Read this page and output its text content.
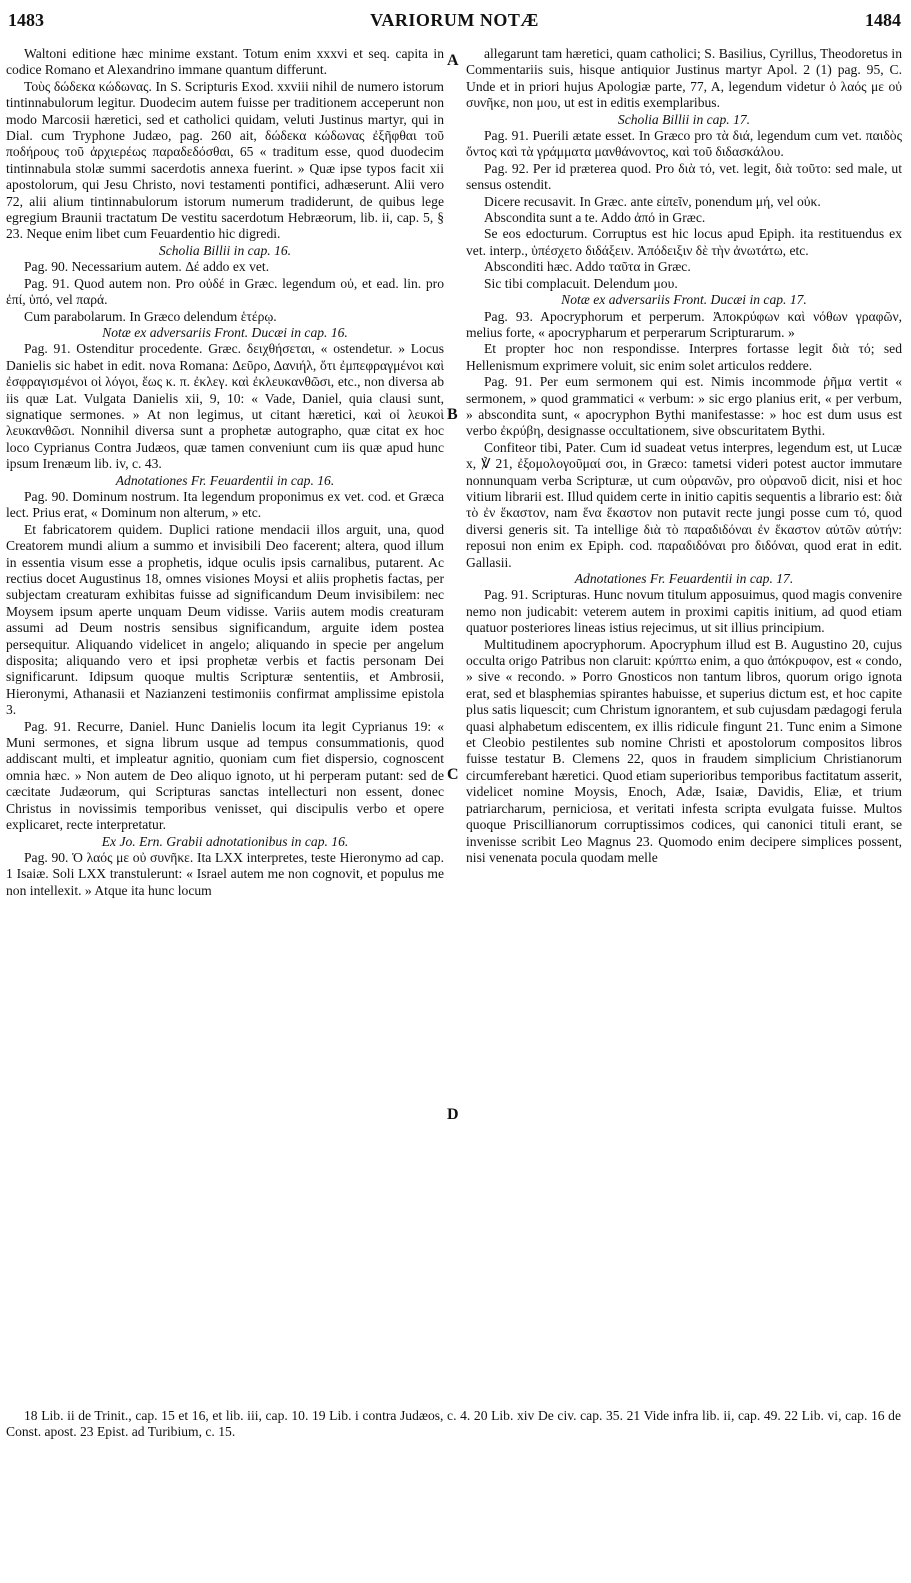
1483	VARIORUM NOTÆ	1484

Waltoni editione hæc minime exstant. Totum enim xxxvi et seq. capita in codice Romano et Alexandrino immane quantum differunt.

Τοὺς δώδεκα κώδωνας. In S. Scripturis Exod. xxviii nihil de numero istorum tintinnabulorum legitur. Duodecim autem fuisse per traditionem acceperunt non modo Marcosii hæretici, sed et catholici quidam, veluti Justinus martyr, qui in Dial. cum Tryphone Judæo, pag. 260 ait, δώδεκα κώδωνας ἐξῆφθαι τοῦ ποδήρους τοῦ ἀρχιερέως παραδεδόσθαι, 65 « traditum esse, quod duodecim tintinnabula stolæ summi sacerdotis annexa fuerint. » Quæ ipse typos facit xii apostolorum, qui Jesu Christo, novi testamenti pontifici, adhæserunt. Alii vero 72, alii alium tintinnabulorum istorum numerum tradiderunt, de quibus lege egregium Braunii tractatum De vestitu sacerdotum Hebræorum, lib. ii, cap. 5, § 23. Neque enim libet cum Feuardentio hic digredi.

Scholia Billii in cap. 16.

Pag. 90. Necessarium autem. Δέ addo ex vet.

Pag. 91. Quod autem non. Pro οὐδέ in Græc. legendum οὐ, et ead. lin. pro ἐπί, ὑπό, vel παρά.

Cum parabolarum. In Græco delendum ἑτέρῳ.

Notæ ex adversariis Front. Ducæi in cap. 16.

Pag. 91. Ostenditur procedente. Græc. δειχθήσεται, « ostendetur. » Locus Danielis sic habet in edit. nova Romana: Δεῦρο, Δανιήλ, ὅτι ἐμπεφραγμένοι καὶ ἐσφραγισμένοι οἱ λόγοι, ἕως κ. π. ἐκλεγ. καὶ ἐκλευκανθῶσι, etc., non diversa ab iis quæ Lat. Vulgata Danielis xii, 9, 10: « Vade, Daniel, quia clausi sunt, signatique sermones. » At non legimus, ut citant hæretici, καὶ οἱ λευκοὶ λευκανθῶσι. Nonnihil diversa sunt a prophetæ autographo, quæ citat ex hoc loco Cyprianus Contra Judæos, quæ tamen conveniunt cum iis quæ apud hunc ipsum Irenæum lib. iv, c. 43.

Adnotationes Fr. Feuardentii in cap. 16.

Pag. 90. Dominum nostrum. Ita legendum proponimus ex vet. cod. et Græca lect. Prius erat, « Dominum non alterum, » etc.

Et fabricatorem quidem. Duplici ratione mendacii illos arguit, una, quod Creatorem mundi alium a summo et invisibili Deo facerent; altera, quod illum in essentia visum esse a prophetis, idque oculis ipsis carnalibus, putarent. Ac rectius docet Augustinus 18, omnes visiones Moysi et aliis prophetis factas, per subjectam creaturam exhibitas fuisse ad significandum Deum invisibilem: nec Moysem ipsum aperte unquam Deum vidisse. Variis autem modis creaturam assumi ad Deum nostris sensibus significandum, arguite idem postea persequitur. Aliquando videlicet in angelo; aliquando in specie per angelum disposita; aliquando vero et ipsi prophetæ verbis et factis personam Dei significarunt. Idipsum quoque multis Scripturæ sententiis, et Ambrosii, Hieronymi, Athanasii et Nazianzeni testimoniis confirmat amplissime epistola 3.

Pag. 91. Recurre, Daniel. Hunc Danielis locum ita legit Cyprianus 19: « Muni sermones, et signa librum usque ad tempus consummationis, quod addiscant multi, et impleatur agnitio, quoniam cum fiet dispersio, cognoscent omnia hæc. » Non autem de Deo aliquo ignoto, ut hi perperam putant: sed de cæcitate Judæorum, qui Scripturas sanctas intellecturi non essent, donec Christus in novissimis temporibus venisset, qui discipulis verbo et opere explicaret, recte interpretatur.

Ex Jo. Ern. Grabii adnotationibus in cap. 16.

Pag. 90. Ὁ λαός με οὐ συνῆκε. Ita LXX interpretes, teste Hieronymo ad cap. 1 Isaiæ. Soli LXX transtulerunt: « Israel autem me non cognovit, et populus me non intellexit. » Atque ita hunc locum

A
B
C
D

allegarunt tam hæretici, quam catholici; S. Basilius, Cyrillus, Theodoretus in Commentariis suis, hisque antiquior Justinus martyr Apol. 2 (1) pag. 95, C. Unde et in priori hujus Apologiæ parte, 77, A, legendum videtur ὁ λαός με οὐ συνῆκε, non μου, ut est in editis exemplaribus.

Scholia Billii in cap. 17.

Pag. 91. Puerili ætate esset. In Græco pro τὰ διά, legendum cum vet. παιδὸς ὄντος καὶ τὰ γράμματα μανθάνοντος, καὶ τοῦ διδασκάλου.

Pag. 92. Per id præterea quod. Pro διὰ τό, vet. legit, διὰ τοῦτο: sed male, ut sensus ostendit.

Dicere recusavit. In Græc. ante εἰπεῖν, ponendum μή, vel οὐκ.

Abscondita sunt a te. Addo ἀπό in Græc.

Se eos edocturum. Corruptus est hic locus apud Epiph. ita restituendus ex vet. interp., ὑπέσχετο διδάξειν. Ἀπόδειξιν δὲ τὴν ἀνωτάτω, etc.

Absconditi hæc. Addo ταῦτα in Græc.

Sic tibi complacuit. Delendum μου.

Notæ ex adversariis Front. Ducæi in cap. 17.

Pag. 93. Apocryphorum et perperum. Ἀποκρύφων καὶ νόθων γραφῶν, melius forte, « apocrypharum et perperarum Scripturarum. »

Et propter hoc non respondisse. Interpres fortasse legit διὰ τό; sed Hellenismum exprimere voluit, sic enim solet articulos reddere.

Pag. 91. Per eum sermonem qui est. Nimis incommode ῥῆμα vertit « sermonem, » quod grammatici « verbum: » sic ergo planius erit, « per verbum, » abscondita sunt, « apocryphon Bythi manifestasse: » hoc est dum usus est verbo ἐκρύβη, designasse occultationem, sive obscuritatem Bythi.

Confiteor tibi, Pater. Cum id suadeat vetus interpres, legendum est, ut Lucæ x, ℣ 21, ἐξομολογοῦμαί σοι, in Græco: tametsi videri potest auctor immutare nonnunquam verba Scripturæ, ut cum οὐρανῶν, pro οὐρανοῦ dicit, nisi et hoc vitium librarii est. Illud quidem certe in initio capitis sequentis a librario est: διὰ τὸ ἐν ἕκαστον, nam ἕνα ἕκαστον non putavit recte jungi posse cum τό, quod diversi generis sit. Ta intellige διὰ τὸ παραδιδόναι ἐν ἕκαστον αὐτῶν αὐτήν: reposui non enim ex Epiph. cod. παραδιδόναι pro διδόναι, quod erat in edit. Gallasii.

Adnotationes Fr. Feuardentii in cap. 17.

Pag. 91. Scripturas. Hunc novum titulum apposuimus, quod magis convenire nemo non judicabit: veterem autem in proximi capitis initium, ad quod etiam quatuor posteriores lineas istius rejecimus, ut sit illius principium.

Multitudinem apocryphorum. Apocryphum illud est B. Augustino 20, cujus occulta origo Patribus non claruit: κρύπτω enim, a quo ἀπόκρυφον, est « condo, » sive « recondo. » Porro Gnosticos non tantum libros, quorum origo ignota erat, sed et blasphemias spirantes habuisse, et superius dictum est, et hoc capite plus satis liquescit; cum Christum ignorantem, et sub cujusdam pædagogi ferula quasi alphabetum ediscentem, ex illis ridicule fingunt 21. Tunc enim a Simone et Cleobio pestilentes sub nomine Christi et apostolorum compositos libros fuisse testatur B. Clemens 22, quos in fraudem simplicium Christianorum circumferebant hæretici. Quod etiam superioribus temporibus factitatum asserit, videlicet nomine Moysis, Enoch, Adæ, Isaiæ, Davidis, Eliæ, et trium patriarcharum, perniciosa, et veritati infesta scripta evulgata fuisse. Multos quoque Priscillianorum corruptissimos codices, qui canonici tituli erant, se invenisse scribit Leo Magnus 23. Quomodo enim decipere simplices possent, nisi venenata pocula quodam melle

18 Lib. ii de Trinit., cap. 15 et 16, et lib. iii, cap. 10. 19 Lib. i contra Judæos, c. 4. 20 Lib. xiv De civ. cap. 35. 21 Vide infra lib. ii, cap. 49. 22 Lib. vi, cap. 16 de Const. apost. 23 Epist. ad Turibium, c. 15.
